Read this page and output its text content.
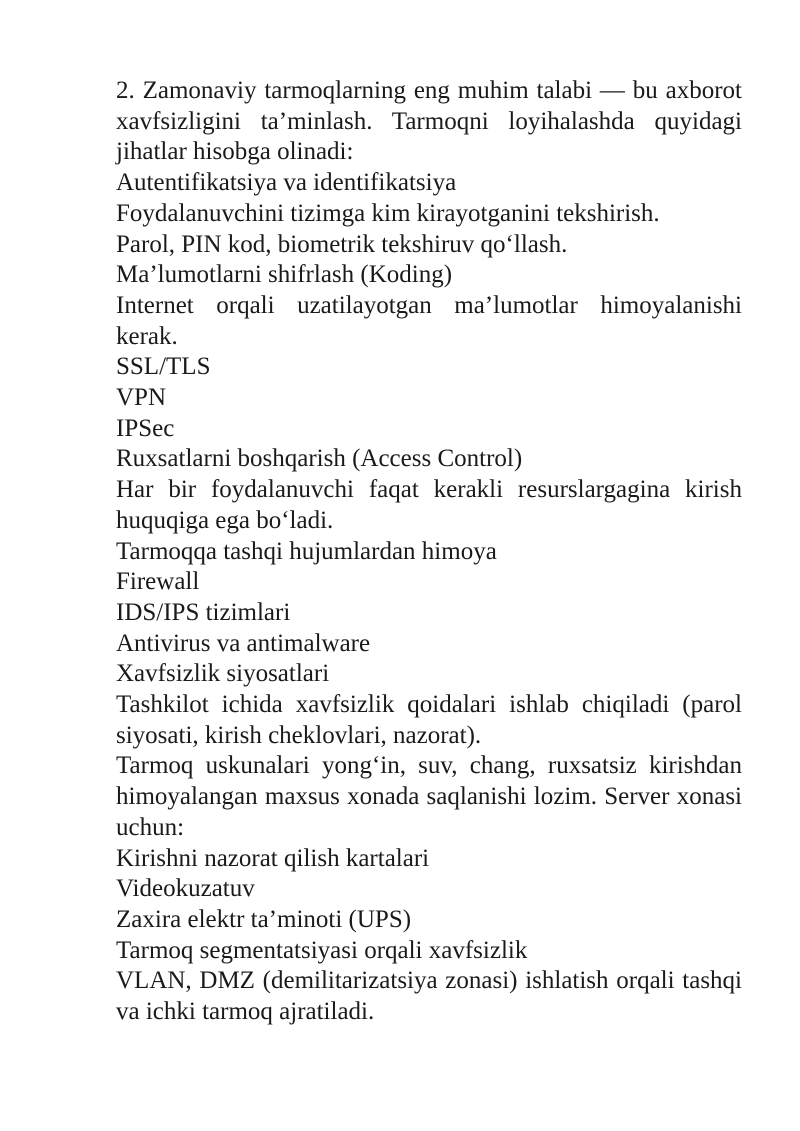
2. Zamonaviy tarmoqlarning eng muhim talabi — bu axborot xavfsizligini ta’minlash. Tarmoqni loyihalashda quyidagi jihatlar hisobga olinadi:

Autentifikatsiya va identifikatsiya

Foydalanuvchini tizimga kim kirayotganini tekshirish.

Parol, PIN kod, biometrik tekshiruv qo‘llash.

Ma’lumotlarni shifrlash (Koding)

Internet orqali uzatilayotgan ma’lumotlar himoyalanishi kerak.

SSL/TLS

VPN

IPSec

Ruxsatlarni boshqarish (Access Control)

Har bir foydalanuvchi faqat kerakli resurslargagina kirish huquqiga ega bo‘ladi.

Tarmoqqa tashqi hujumlardan himoya

Firewall

IDS/IPS tizimlari

Antivirus va antimalware

Xavfsizlik siyosatlari

Tashkilot ichida xavfsizlik qoidalari ishlab chiqiladi (parol siyosati, kirish cheklovlari, nazorat).

Tarmoq uskunalari yong‘in, suv, chang, ruxsatsiz kirishdan himoyalangan maxsus xonada saqlanishi lozim. Server xonasi uchun:

Kirishni nazorat qilish kartalari

Videokuzatuv

Zaxira elektr ta’minoti (UPS)

Tarmoq segmentatsiyasi orqali xavfsizlik

VLAN, DMZ (demilitarizatsiya zonasi) ishlatish orqali tashqi va ichki tarmoq ajratiladi.
